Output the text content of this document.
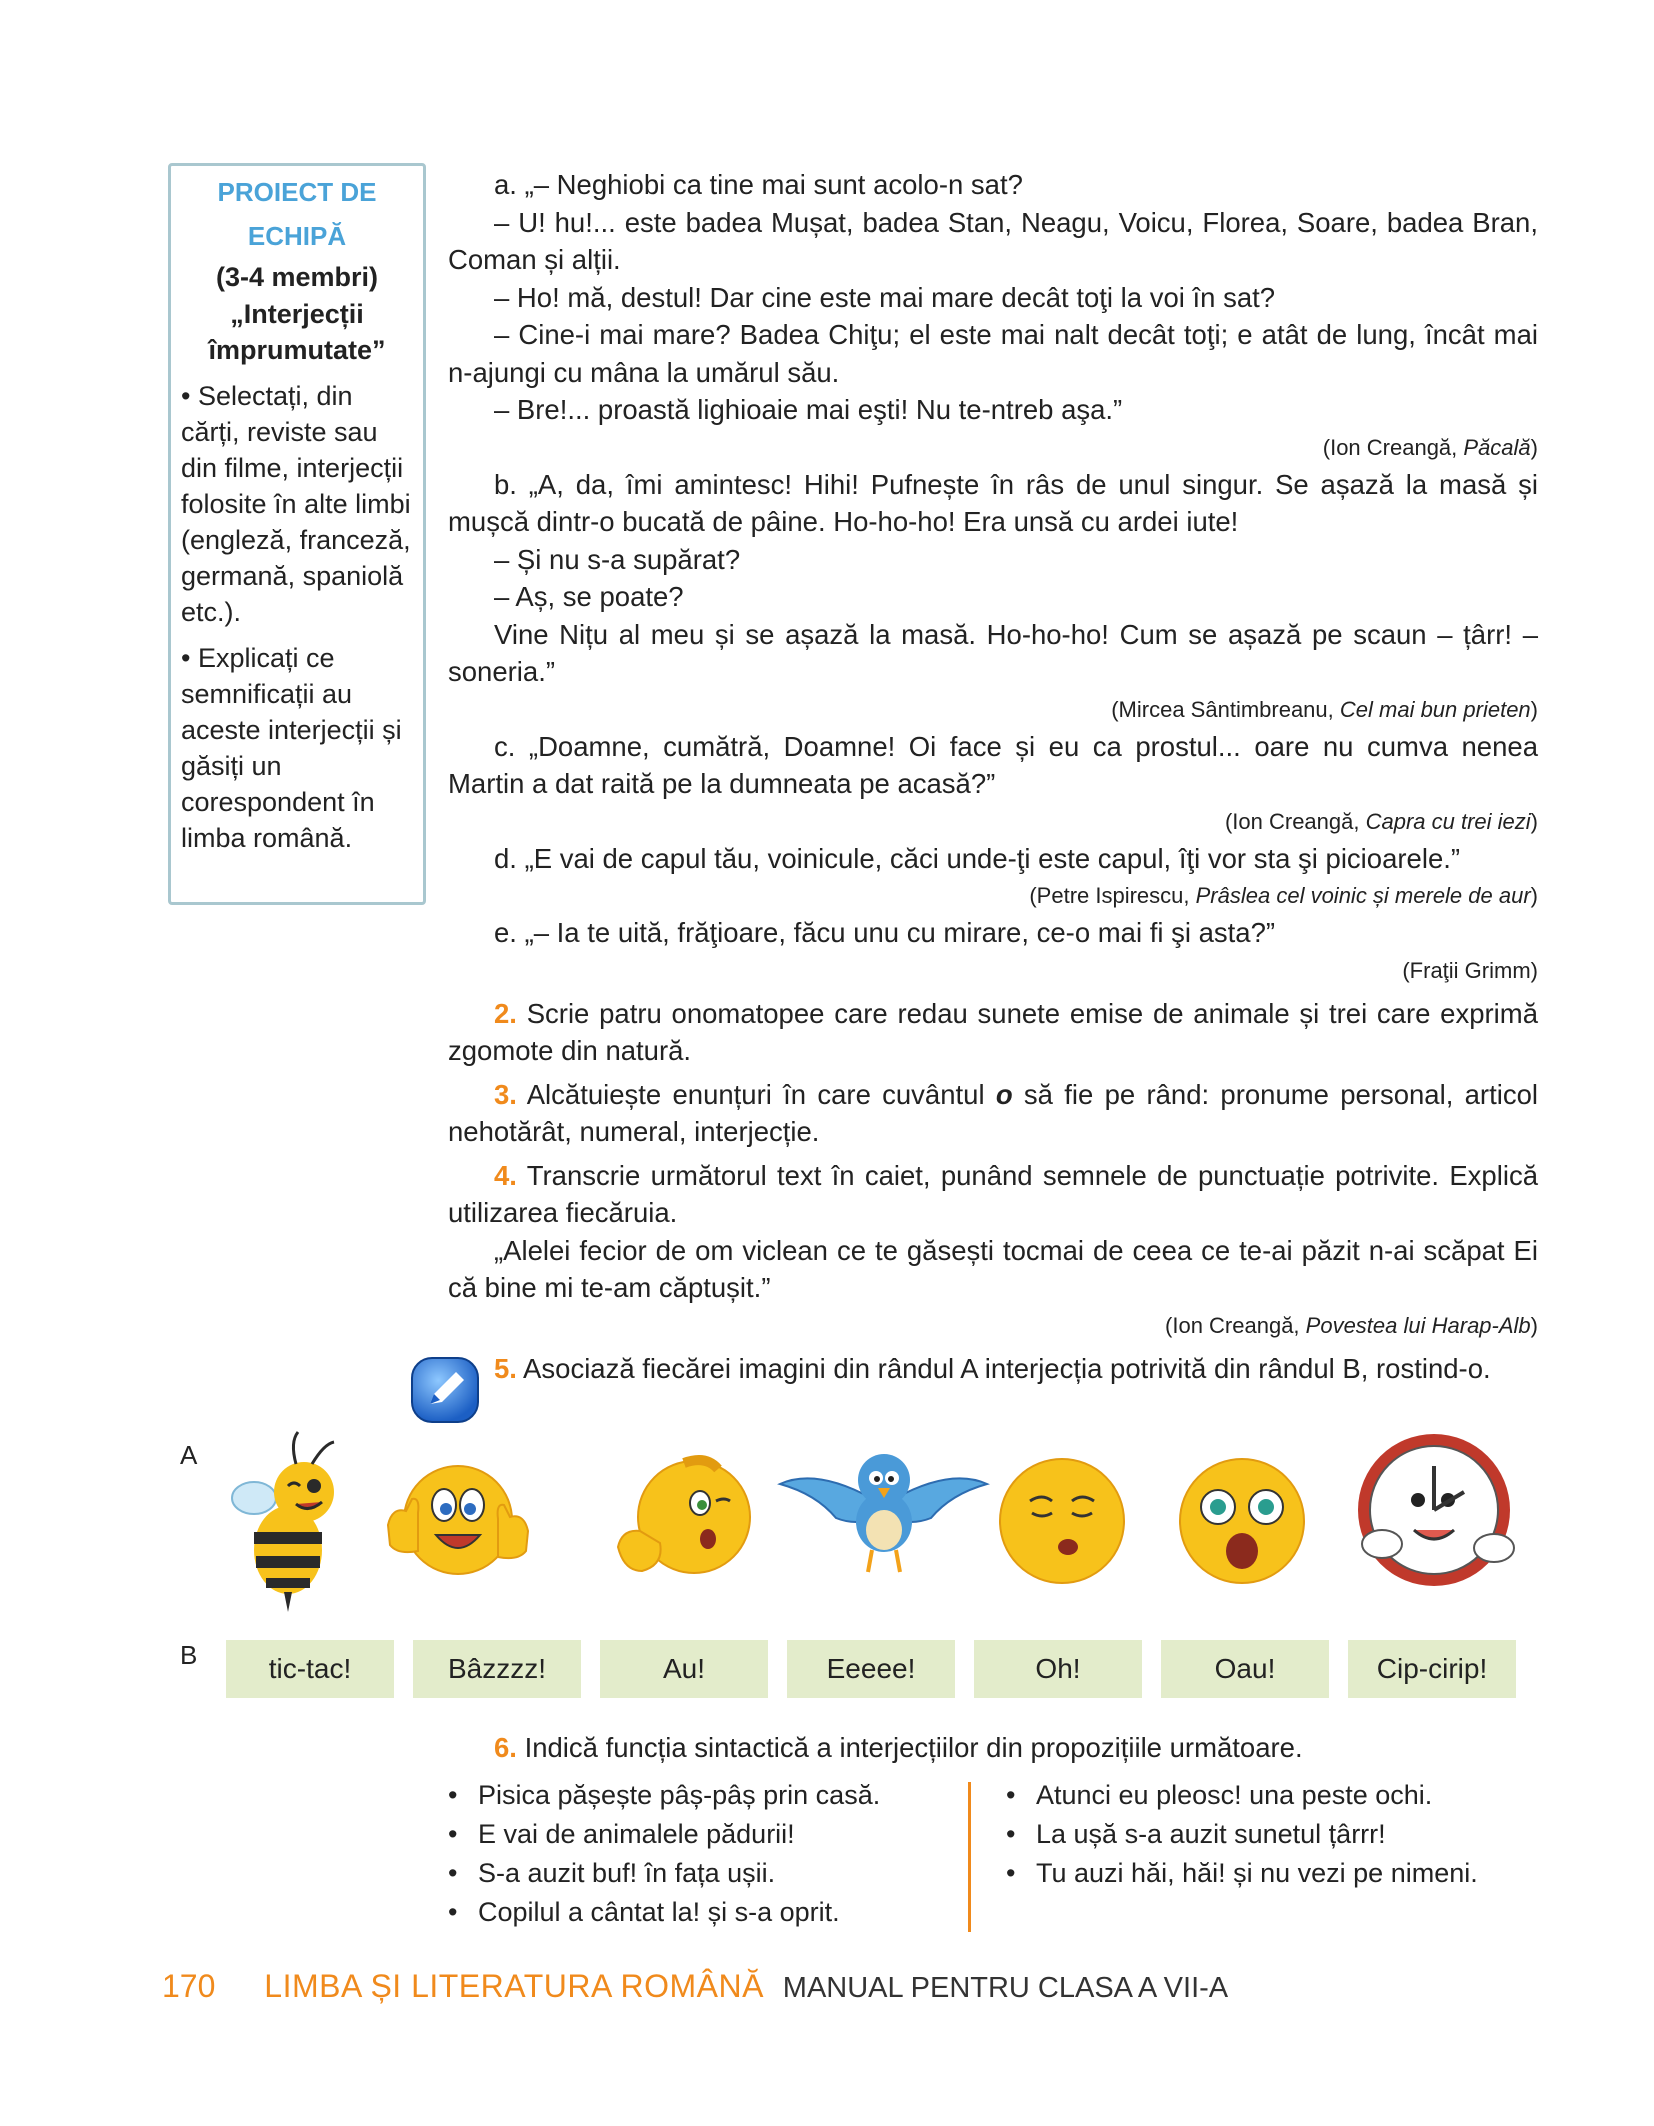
PROIECT DE
ECHIPĂ
(3-4 membri)
„Interjecții împrumutate”
• Selectați, din cărți, reviste sau din filme, interjecții folosite în alte limbi (engleză, franceză, germană, spaniolă etc.).
• Explicați ce semnificații au aceste interjecții și găsiți un corespondent în limba română.

a. „– Neghiobi ca tine mai sunt acolo-n sat?

– U! hu!... este badea Mușat, badea Stan, Neagu, Voicu, Florea, Soare, badea Bran, Coman și alții.

– Ho! mă, destul! Dar cine este mai mare decât toţi la voi în sat?

– Cine-i mai mare? Badea Chiţu; el este mai nalt decât toţi; e atât de lung, încât mai n-ajungi cu mâna la umărul său.

– Bre!... proastă lighioaie mai eşti! Nu te-ntreb aşa.”

(Ion Creangă, Păcală)

b. „A, da, îmi amintesc! Hihi! Pufnește în râs de unul singur. Se așază la masă și mușcă dintr-o bucată de pâine. Ho-ho-ho! Era unsă cu ardei iute!

– Și nu s-a supărat?

– Aș, se poate?

Vine Nițu al meu și se așază la masă. Ho-ho-ho! Cum se așază pe scaun – țârr! – soneria.”

(Mircea Sântimbreanu, Cel mai bun prieten)

c. „Doamne, cumătră, Doamne! Oi face și eu ca prostul... oare nu cumva nenea Martin a dat raită pe la dumneata pe acasă?”

(Ion Creangă, Capra cu trei iezi)

d. „E vai de capul tău, voinicule, căci unde-ţi este capul, îţi vor sta şi picioarele.”

(Petre Ispirescu, Prâslea cel voinic și merele de aur)

e. „– Ia te uită, frăţioare, făcu unu cu mirare, ce-o mai fi şi asta?”

(Fraţii Grimm)

2. Scrie patru onomatopee care redau sunete emise de animale și trei care exprimă zgomote din natură.

3. Alcătuiește enunțuri în care cuvântul o să fie pe rând: pronume personal, articol nehotărât, numeral, interjecție.

4. Transcrie următorul text în caiet, punând semnele de punctuație potrivite. Explică utilizarea fiecăruia.

„Alelei fecior de om viclean ce te găsești tocmai de ceea ce te-ai păzit n-ai scăpat Ei că bine mi te-am căptușit.”

(Ion Creangă, Povestea lui Harap-Alb)

5. Asociază fiecărei imagini din rândul A interjecția potrivită din rândul B, rostind-o.

A
B	tic-tac!	Bâzzzz!	Au!	Eeeee!	Oh!	Oau!	Cip-cirip!
6. Indică funcția sintactică a interjecțiilor din propozițiile următoare.
• Pisica pășește pâș-pâș prin casă.
• E vai de animalele pădurii!
• S-a auzit buf! în fața ușii.
• Copilul a cântat la! și s-a oprit.
• Atunci eu pleosc! una peste ochi.
• La ușă s-a auzit sunetul țârrr!
• Tu auzi hăi, hăi! și nu vezi pe nimeni.
170 LIMBA ȘI LITERATURA ROMÂNĂ MANUAL PENTRU CLASA A VII-A
